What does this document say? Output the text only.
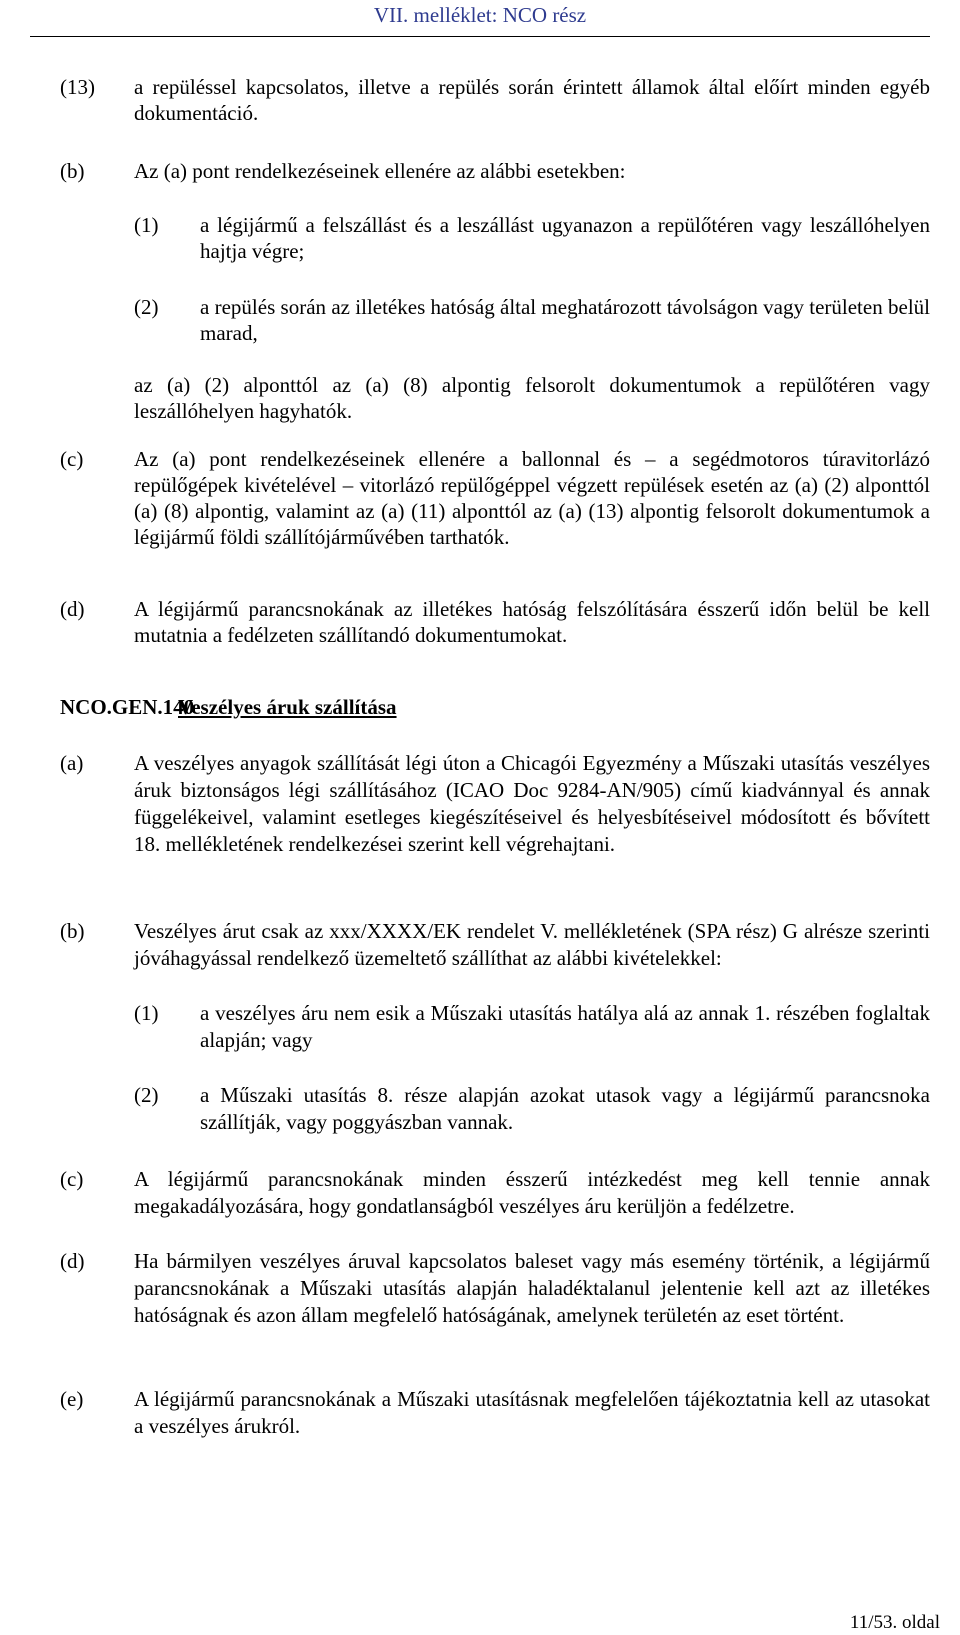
VII. melléklet: NCO rész
(13) a repüléssel kapcsolatos, illetve a repülés során érintett államok által előírt minden egyéb dokumentáció.
(b) Az (a) pont rendelkezéseinek ellenére az alábbi esetekben:
(1) a légijármű a felszállást és a leszállást ugyanazon a repülőtéren vagy leszállóhelyen hajtja végre;
(2) a repülés során az illetékes hatóság által meghatározott távolságon vagy területen belül marad,
az (a) (2) alponttól az (a) (8) alpontig felsorolt dokumentumok a repülőtéren vagy leszállóhelyen hagyhatók.
(c) Az (a) pont rendelkezéseinek ellenére a ballonnal és – a segédmotoros túravitorlázó repülőgépek kivételével – vitorlázó repülőgéppel végzett repülések esetén az (a) (2) alponttól (a) (8) alpontig, valamint az (a) (11) alponttól az (a) (13) alpontig felsorolt dokumentumok a légijármű földi szállítójárművében tarthatók.
(d) A légijármű parancsnokának az illetékes hatóság felszólítására ésszerű időn belül be kell mutatnia a fedélzeten szállítandó dokumentumokat.
NCO.GEN.140Veszélyes áruk szállítása
(a) A veszélyes anyagok szállítását légi úton a Chicagói Egyezmény a Műszaki utasítás veszélyes áruk biztonságos légi szállításához (ICAO Doc 9284-AN/905) című kiadvánnyal és annak függelékeivel, valamint esetleges kiegészítéseivel és helyesbítéseivel módosított és bővített 18. mellékletének rendelkezései szerint kell végrehajtani.
(b) Veszélyes árut csak az xxx/XXXX/EK rendelet V. mellékletének (SPA rész) G alrésze szerinti jóváhagyással rendelkező üzemeltető szállíthat az alábbi kivételekkel:
(1) a veszélyes áru nem esik a Műszaki utasítás hatálya alá az annak 1. részében foglaltak alapján; vagy
(2) a Műszaki utasítás 8. része alapján azokat utasok vagy a légijármű parancsnoka szállítják, vagy poggyászban vannak.
(c) A légijármű parancsnokának minden ésszerű intézkedést meg kell tennie annak megakadályozására, hogy gondatlanságból veszélyes áru kerüljön a fedélzetre.
(d) Ha bármilyen veszélyes áruval kapcsolatos baleset vagy más esemény történik, a légijármű parancsnokának a Műszaki utasítás alapján haladéktalanul jelentenie kell azt az illetékes hatóságnak és azon állam megfelelő hatóságának, amelynek területén az eset történt.
(e) A légijármű parancsnokának a Műszaki utasításnak megfelelően tájékoztatnia kell az utasokat a veszélyes árukról.
11/53. oldal
